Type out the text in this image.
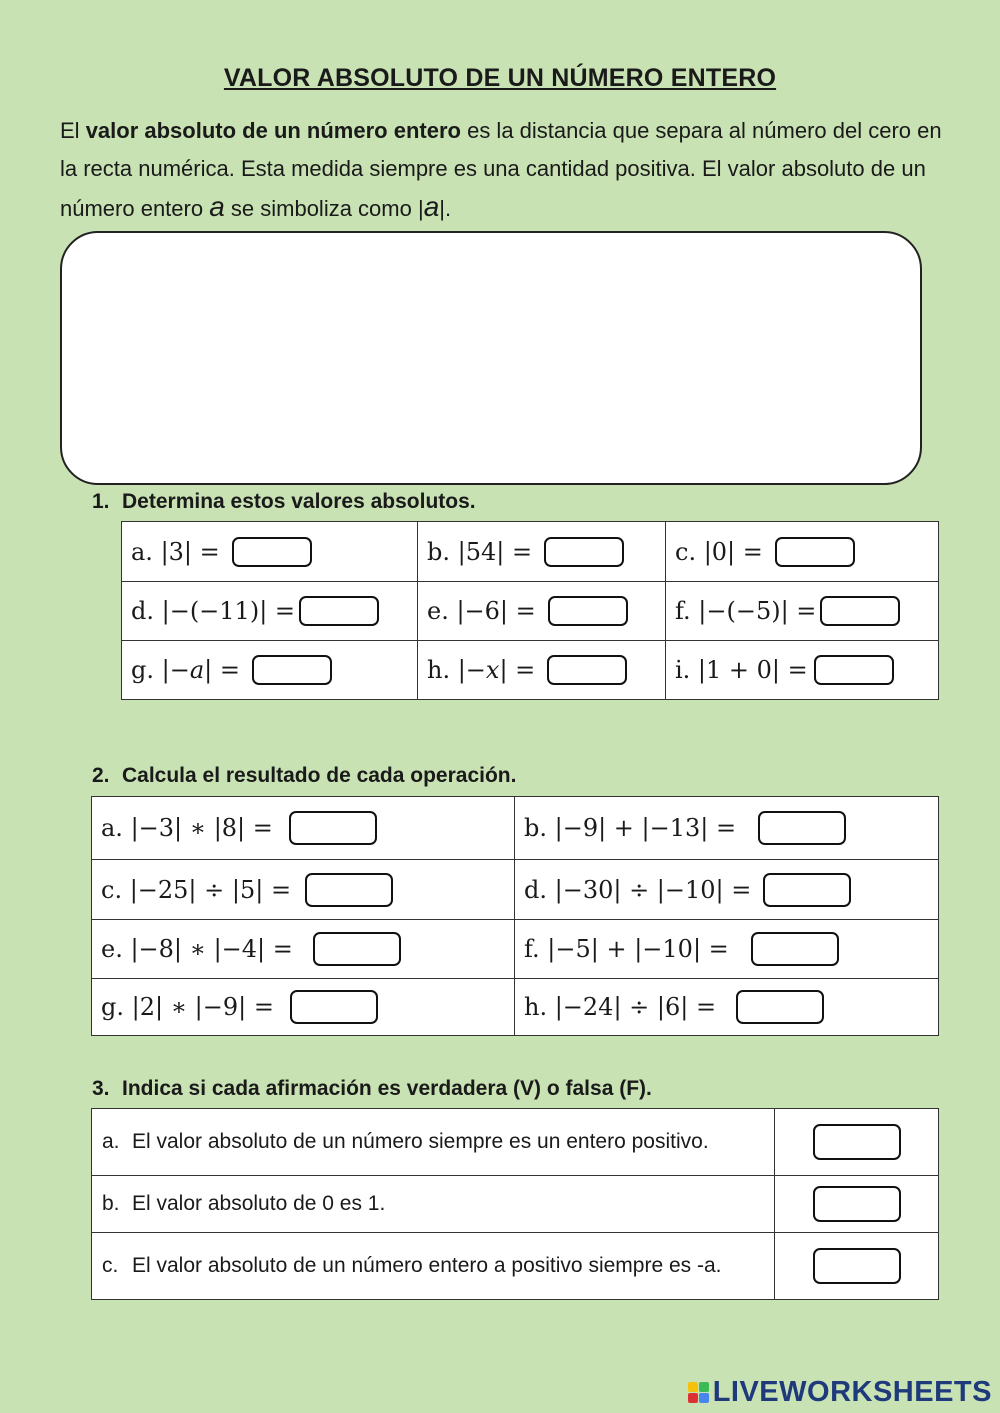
VALOR ABSOLUTO DE UN NÚMERO ENTERO
El valor absoluto de un número entero es la distancia que separa al número del cero en la recta numérica. Esta medida siempre es una cantidad positiva. El valor absoluto de un número entero a se simboliza como |a|.
1. Determina estos valores absolutos.
a. |3| =	b. |54| =	c. |0| =

d. |−(−11)| =	e. |−6| =	f. |−(−5)| =

g. |−𝑎| =	h. |−𝑥| =	i. |1 + 0| =
2. Calcula el resultado de cada operación.
a. |−3| ∗ |8| =	b. |−9| + |−13| =

c. |−25| ÷ |5| =	d. |−30| ÷ |−10| =

e. |−8| ∗ |−4| =	f. |−5| + |−10| =

g. |2| ∗ |−9| =	h. |−24| ÷ |6| =
3. Indica si cada afirmación es verdadera (V) o falsa (F).
a. El valor absoluto de un número siempre es un entero positivo.	

b. El valor absoluto de 0 es 1.	

c. El valor absoluto de un número entero a positivo siempre es -a.	

LIVEWORKSHEETS
